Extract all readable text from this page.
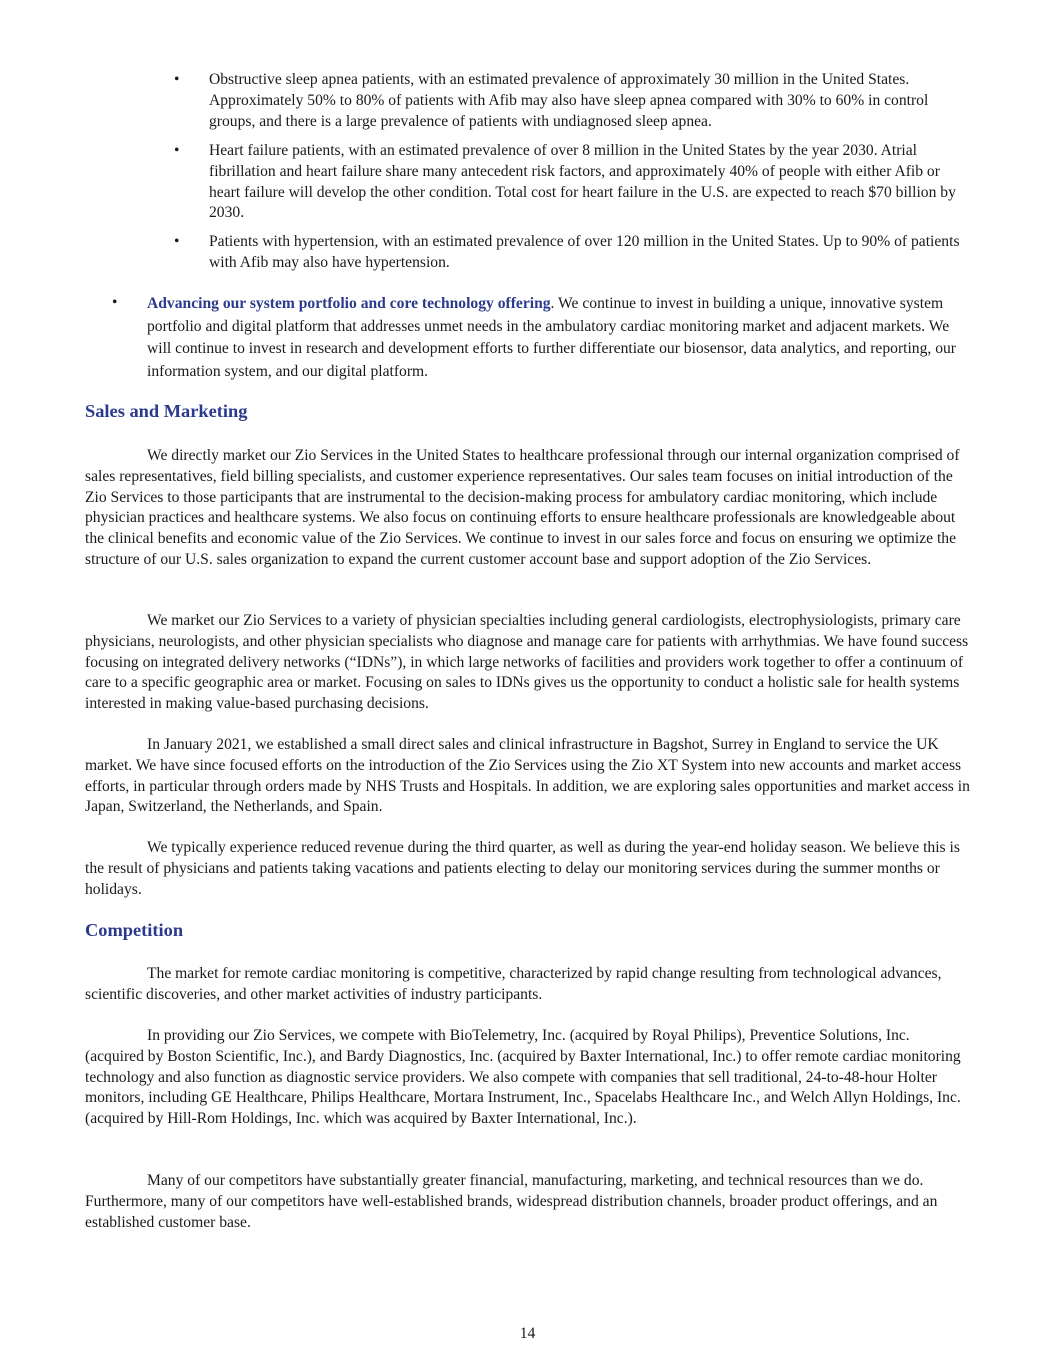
•	Obstructive sleep apnea patients, with an estimated prevalence of approximately 30 million in the United States. Approximately 50% to 80% of patients with Afib may also have sleep apnea compared with 30% to 60% in control groups, and there is a large prevalence of patients with undiagnosed sleep apnea.

•	Heart failure patients, with an estimated prevalence of over 8 million in the United States by the year 2030. Atrial fibrillation and heart failure share many antecedent risk factors, and approximately 40% of people with either Afib or heart failure will develop the other condition. Total cost for heart failure in the U.S. are expected to reach $70 billion by 2030.

•	Patients with hypertension, with an estimated prevalence of over 120 million in the United States. Up to 90% of patients with Afib may also have hypertension.

• Advancing our system portfolio and core technology offering. We continue to invest in building a unique, innovative system portfolio and digital platform that addresses unmet needs in the ambulatory cardiac monitoring market and adjacent markets. We will continue to invest in research and development efforts to further differentiate our biosensor, data analytics, and reporting, our information system, and our digital platform.

Sales and Marketing

We directly market our Zio Services in the United States to healthcare professional through our internal organization comprised of sales representatives, field billing specialists, and customer experience representatives. Our sales team focuses on initial introduction of the Zio Services to those participants that are instrumental to the decision-making process for ambulatory cardiac monitoring, which include physician practices and healthcare systems. We also focus on continuing efforts to ensure healthcare professionals are knowledgeable about the clinical benefits and economic value of the Zio Services. We continue to invest in our sales force and focus on ensuring we optimize the structure of our U.S. sales organization to expand the current customer account base and support adoption of the Zio Services.

We market our Zio Services to a variety of physician specialties including general cardiologists, electrophysiologists, primary care physicians, neurologists, and other physician specialists who diagnose and manage care for patients with arrhythmias. We have found success focusing on integrated delivery networks (“IDNs”), in which large networks of facilities and providers work together to offer a continuum of care to a specific geographic area or market. Focusing on sales to IDNs gives us the opportunity to conduct a holistic sale for health systems interested in making value-based purchasing decisions.

In January 2021, we established a small direct sales and clinical infrastructure in Bagshot, Surrey in England to service the UK market. We have since focused efforts on the introduction of the Zio Services using the Zio XT System into new accounts and market access efforts, in particular through orders made by NHS Trusts and Hospitals. In addition, we are exploring sales opportunities and market access in Japan, Switzerland, the Netherlands, and Spain.

We typically experience reduced revenue during the third quarter, as well as during the year-end holiday season. We believe this is the result of physicians and patients taking vacations and patients electing to delay our monitoring services during the summer months or holidays.

Competition

The market for remote cardiac monitoring is competitive, characterized by rapid change resulting from technological advances, scientific discoveries, and other market activities of industry participants.

In providing our Zio Services, we compete with BioTelemetry, Inc. (acquired by Royal Philips), Preventice Solutions, Inc. (acquired by Boston Scientific, Inc.), and Bardy Diagnostics, Inc. (acquired by Baxter International, Inc.) to offer remote cardiac monitoring technology and also function as diagnostic service providers. We also compete with companies that sell traditional, 24-to-48-hour Holter monitors, including GE Healthcare, Philips Healthcare, Mortara Instrument, Inc., Spacelabs Healthcare Inc., and Welch Allyn Holdings, Inc. (acquired by Hill-Rom Holdings, Inc. which was acquired by Baxter International, Inc.).

Many of our competitors have substantially greater financial, manufacturing, marketing, and technical resources than we do. Furthermore, many of our competitors have well-established brands, widespread distribution channels, broader product offerings, and an established customer base.

14
